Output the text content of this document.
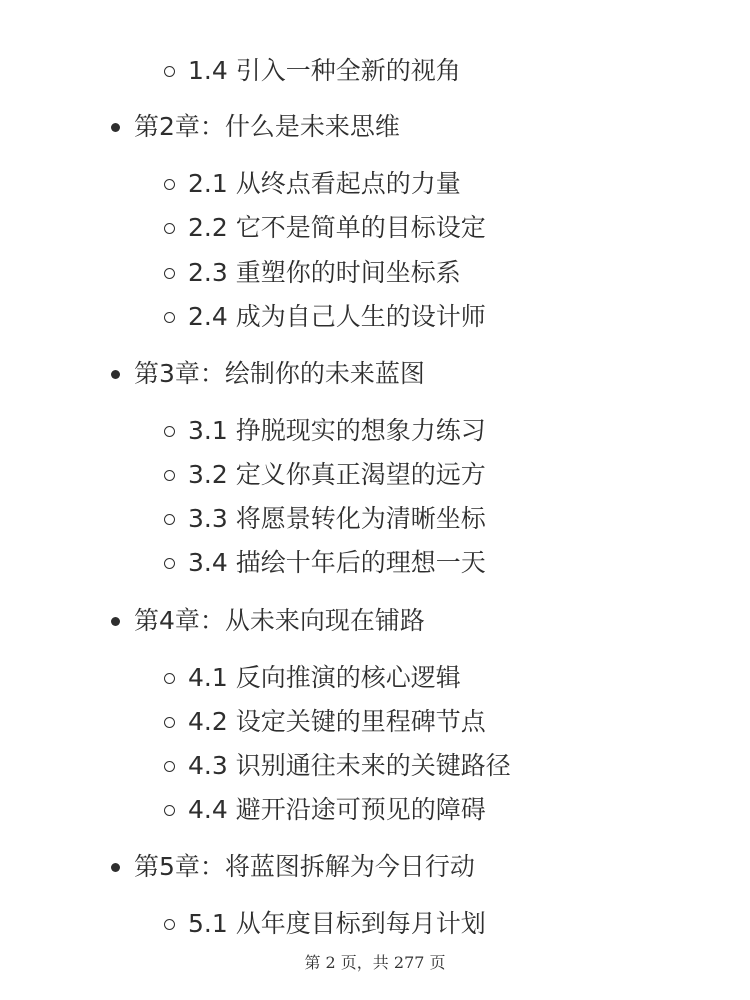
1.4 引入一种全新的视角
第2章：什么是未来思维
2.1 从终点看起点的力量
2.2 它不是简单的目标设定
2.3 重塑你的时间坐标系
2.4 成为自己人生的设计师
第3章：绘制你的未来蓝图
3.1 挣脱现实的想象力练习
3.2 定义你真正渴望的远方
3.3 将愿景转化为清晰坐标
3.4 描绘十年后的理想一天
第4章：从未来向现在铺路
4.1 反向推演的核心逻辑
4.2 设定关键的里程碑节点
4.3 识别通往未来的关键路径
4.4 避开沿途可预见的障碍
第5章：将蓝图拆解为今日行动
5.1 从年度目标到每月计划
第 2 页，共 277 页
